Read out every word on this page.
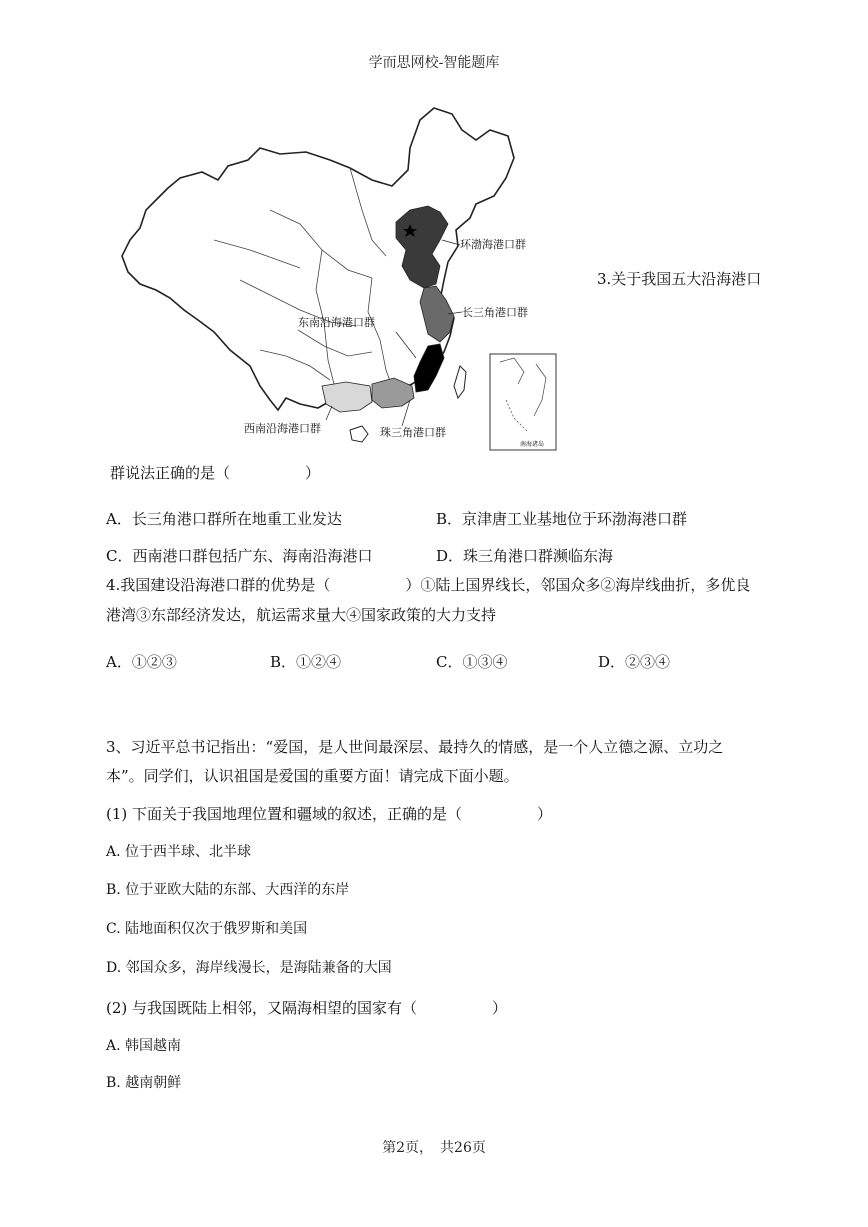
学而思网校-智能题库
环渤海港口群
长三角港口群
东南沿海港口群
西南沿海港口群	珠三角港口群
南海诸岛
3.关于我国五大沿海港口
群说法正确的是（　　　　　）
A．长三角港口群所在地重工业发达	B．京津唐工业基地位于环渤海港口群
C．西南港口群包括广东、海南沿海港口	D．珠三角港口群濒临东海
4.我国建设沿海港口群的优势是（　　　　　）①陆上国界线长，邻国众多②海岸线曲折，多优良
港湾③东部经济发达，航运需求量大④国家政策的大力支持
A．①②③	B．①②④	C．①③④	D．②③④
3、习近平总书记指出：“爱国，是人世间最深层、最持久的情感，是一个人立德之源、立功之
本”。同学们，认识祖国是爱国的重要方面！请完成下面小题。
(1) 下面关于我国地理位置和疆域的叙述，正确的是（　　　　　）
A. 位于西半球、北半球
B. 位于亚欧大陆的东部、大西洋的东岸
C. 陆地面积仅次于俄罗斯和美国
D. 邻国众多，海岸线漫长，是海陆兼备的大国
(2) 与我国既陆上相邻，又隔海相望的国家有（　　　　　）
A. 韩国越南
B. 越南朝鲜
第2页，　共26页
